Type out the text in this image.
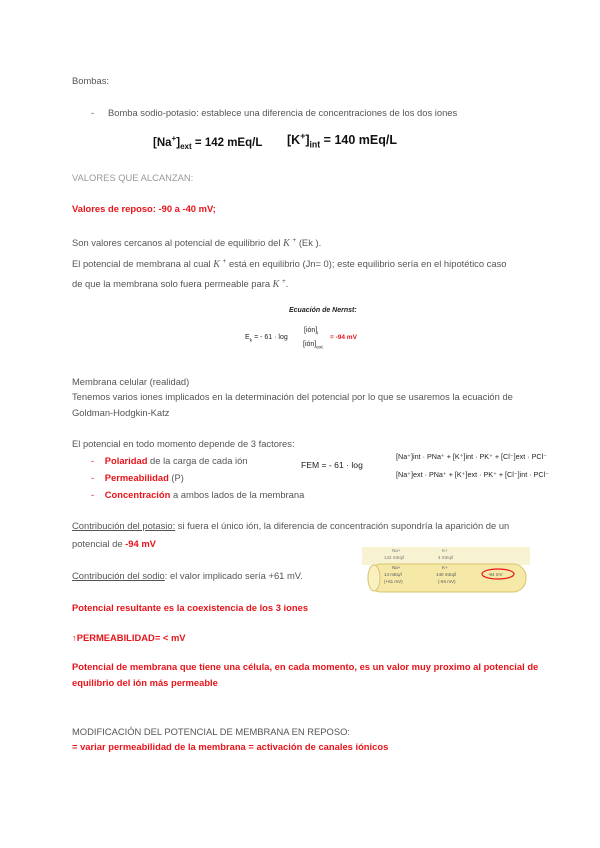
Bombas:
- Bomba sodio-potasio: establece una diferencia de concentraciones de los dos iones
$[Na^+]_{ext} = 142$ mEq/L $[K^+]_{int} = 140$ mEq/L
VALORES QUE ALCANZAN:
Valores de reposo: -90 a -40 mV;
Son valores cercanos al potencial de equilibrio del K + (Ek ).
El potencial de membrana al cual K + está en equilibrio (Jn= 0); este equilibrio sería en el hipotético caso
de que la membrana solo fuera permeable para K +.
Ecuación de Nernst:
$E_k$ = - 61 · log
$[ión]_i$
$[ión]_{ext}$
= -94 mV
Membrana celular (realidad)
Tenemos varios iones implicados en la determinación del potencial por lo que se usaremos la ecuación de
Goldman-Hodgkin-Katz
El potencial en todo momento depende de 3 factores:
- Polaridad de la carga de cada ión
- Permeabilidad (P)
- Concentración a ambos lados de la membrana
FEM = - 61 · log
[Na⁺]int · PNa⁺ + [K⁺]int · PK⁺ + [Cl⁻]ext · PCl⁻
[Na⁺]ext · PNa⁺ + [K⁺]ext · PK⁺ + [Cl⁻]int · PCl⁻
Contribución del potasio: si fuera el único ión, la diferencia de concentración supondría la aparición de un
potencial de -94 mV
Contribución del sodio: el valor implicado sería +61 mV.
Na+	K+
142 mEq/l	4 mEq/l
Na+	K+
14 mEq/l	140 mEq/l	-94 mV
(+61 mV)	(-94 mV)
Potencial resultante es la coexistencia de los 3 iones
↑PERMEABILIDAD= < mV
Potencial de membrana que tiene una célula, en cada momento, es un valor muy proximo al potencial de
equilibrio del ión más permeable
MODIFICACIÓN DEL POTENCIAL DE MEMBRANA EN REPOSO:
= variar permeabilidad de la membrana = activación de canales iónicos
